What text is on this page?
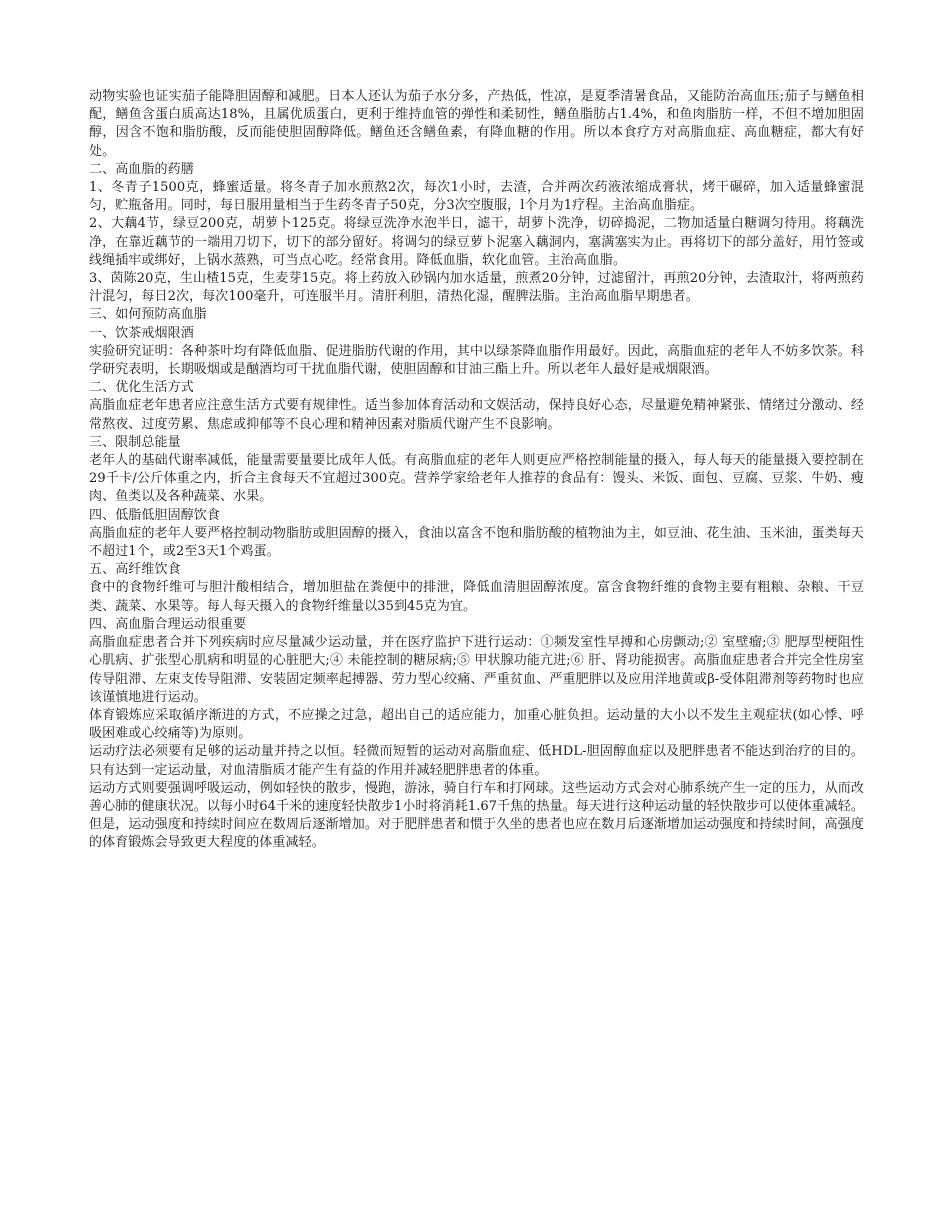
动物实验也证实茄子能降胆固醇和减肥。日本人还认为茄子水分多，产热低，性凉，是夏季清暑食品，又能防治高血压;茄子与鳝鱼相配，鳝鱼含蛋白质高达18%，且属优质蛋白，更利于维持血管的弹性和柔韧性，鳝鱼脂肪占1.4%，和鱼肉脂肪一样，不但不增加胆固醇，因含不饱和脂肪酸，反而能使胆固醇降低。鳝鱼还含鳝鱼素，有降血糖的作用。所以本食疗方对高脂血症、高血糖症，都大有好处。

二、高血脂的药膳

1、冬青子1500克，蜂蜜适量。将冬青子加水煎熬2次，每次1小时，去渣，合并两次药液浓缩成膏状，烤干碾碎，加入适量蜂蜜混匀，贮瓶备用。同时，每日服用量相当于生药冬青子50克，分3次空腹服，l个月为1疗程。主治高血脂症。

2、大藕4节，绿豆200克，胡萝卜125克。将绿豆洗净水泡半日，滤干，胡萝卜洗净，切碎捣泥，二物加适量白糖调匀待用。将藕洗净，在靠近藕节的一端用刀切下，切下的部分留好。将调匀的绿豆萝卜泥塞入藕洞内，塞满塞实为止。再将切下的部分盖好，用竹签或线绳插牢或绑好，上锅水蒸熟，可当点心吃。经常食用。降低血脂，软化血管。主治高血脂。

3、茵陈20克，生山楂15克，生麦芽15克。将上药放入砂锅内加水适量，煎煮20分钟，过滤留汁，再煎20分钟，去渣取汁，将两煎药汁混匀，每日2次，每次100毫升，可连服半月。清肝利胆，清热化湿，醒脾法脂。主治高血脂早期患者。

三、如何预防高血脂

一、饮茶戒烟限酒

实验研究证明：各种茶叶均有降低血脂、促进脂肪代谢的作用，其中以绿茶降血脂作用最好。因此，高脂血症的老年人不妨多饮茶。科学研究表明，长期吸烟或是酗酒均可干扰血脂代谢，使胆固醇和甘油三酯上升。所以老年人最好是戒烟限酒。

二、优化生活方式

高脂血症老年患者应注意生活方式要有规律性。适当参加体育活动和文娱活动，保持良好心态，尽量避免精神紧张、情绪过分激动、经常熬夜、过度劳累、焦虑或抑郁等不良心理和精神因素对脂质代谢产生不良影响。

三、限制总能量

老年人的基础代谢率减低，能量需要量要比成年人低。有高脂血症的老年人则更应严格控制能量的摄入，每人每天的能量摄入要控制在29千卡/公斤体重之内，折合主食每天不宜超过300克。营养学家给老年人推荐的食品有：馒头、米饭、面包、豆腐、豆浆、牛奶、瘦肉、鱼类以及各种蔬菜、水果。

四、低脂低胆固醇饮食

高脂血症的老年人要严格控制动物脂肪或胆固醇的摄入，食油以富含不饱和脂肪酸的植物油为主，如豆油、花生油、玉米油，蛋类每天不超过1个，或2至3天1个鸡蛋。

五、高纤维饮食

食中的食物纤维可与胆汁酸相结合，增加胆盐在粪便中的排泄，降低血清胆固醇浓度。富含食物纤维的食物主要有粗粮、杂粮、干豆类、蔬菜、水果等。每人每天摄入的食物纤维量以35到45克为宜。

四、高血脂合理运动很重要

高脂血症患者合并下列疾病时应尽量减少运动量，并在医疗监护下进行运动：①频发室性早搏和心房颤动;② 室壁瘤;③ 肥厚型梗阻性心肌病、扩张型心肌病和明显的心脏肥大;④ 未能控制的糖尿病;⑤ 甲状腺功能亢进;⑥ 肝、肾功能损害。高脂血症患者合并完全性房室传导阻滞、左束支传导阻滞、安装固定频率起搏器、劳力型心绞痛、严重贫血、严重肥胖以及应用洋地黄或β-受体阻滞剂等药物时也应该谨慎地进行运动。

体育锻炼应采取循序渐进的方式，不应操之过急，超出自己的适应能力，加重心脏负担。运动量的大小以不发生主观症状(如心悸、呼吸困难或心绞痛等)为原则。

运动疗法必须要有足够的运动量并持之以恒。轻微而短暂的运动对高脂血症、低HDL-胆固醇血症以及肥胖患者不能达到治疗的目的。只有达到一定运动量，对血清脂质才能产生有益的作用并减轻肥胖患者的体重。

运动方式则要强调呼吸运动，例如轻快的散步，慢跑，游泳，骑自行车和打网球。这些运动方式会对心肺系统产生一定的压力，从而改善心肺的健康状况。以每小时64千米的速度轻快散步1小时将消耗1.67千焦的热量。每天进行这种运动量的轻快散步可以使体重减轻。但是，运动强度和持续时间应在数周后逐渐增加。对于肥胖患者和惯于久坐的患者也应在数月后逐渐增加运动强度和持续时间，高强度的体育锻炼会导致更大程度的体重减轻。
